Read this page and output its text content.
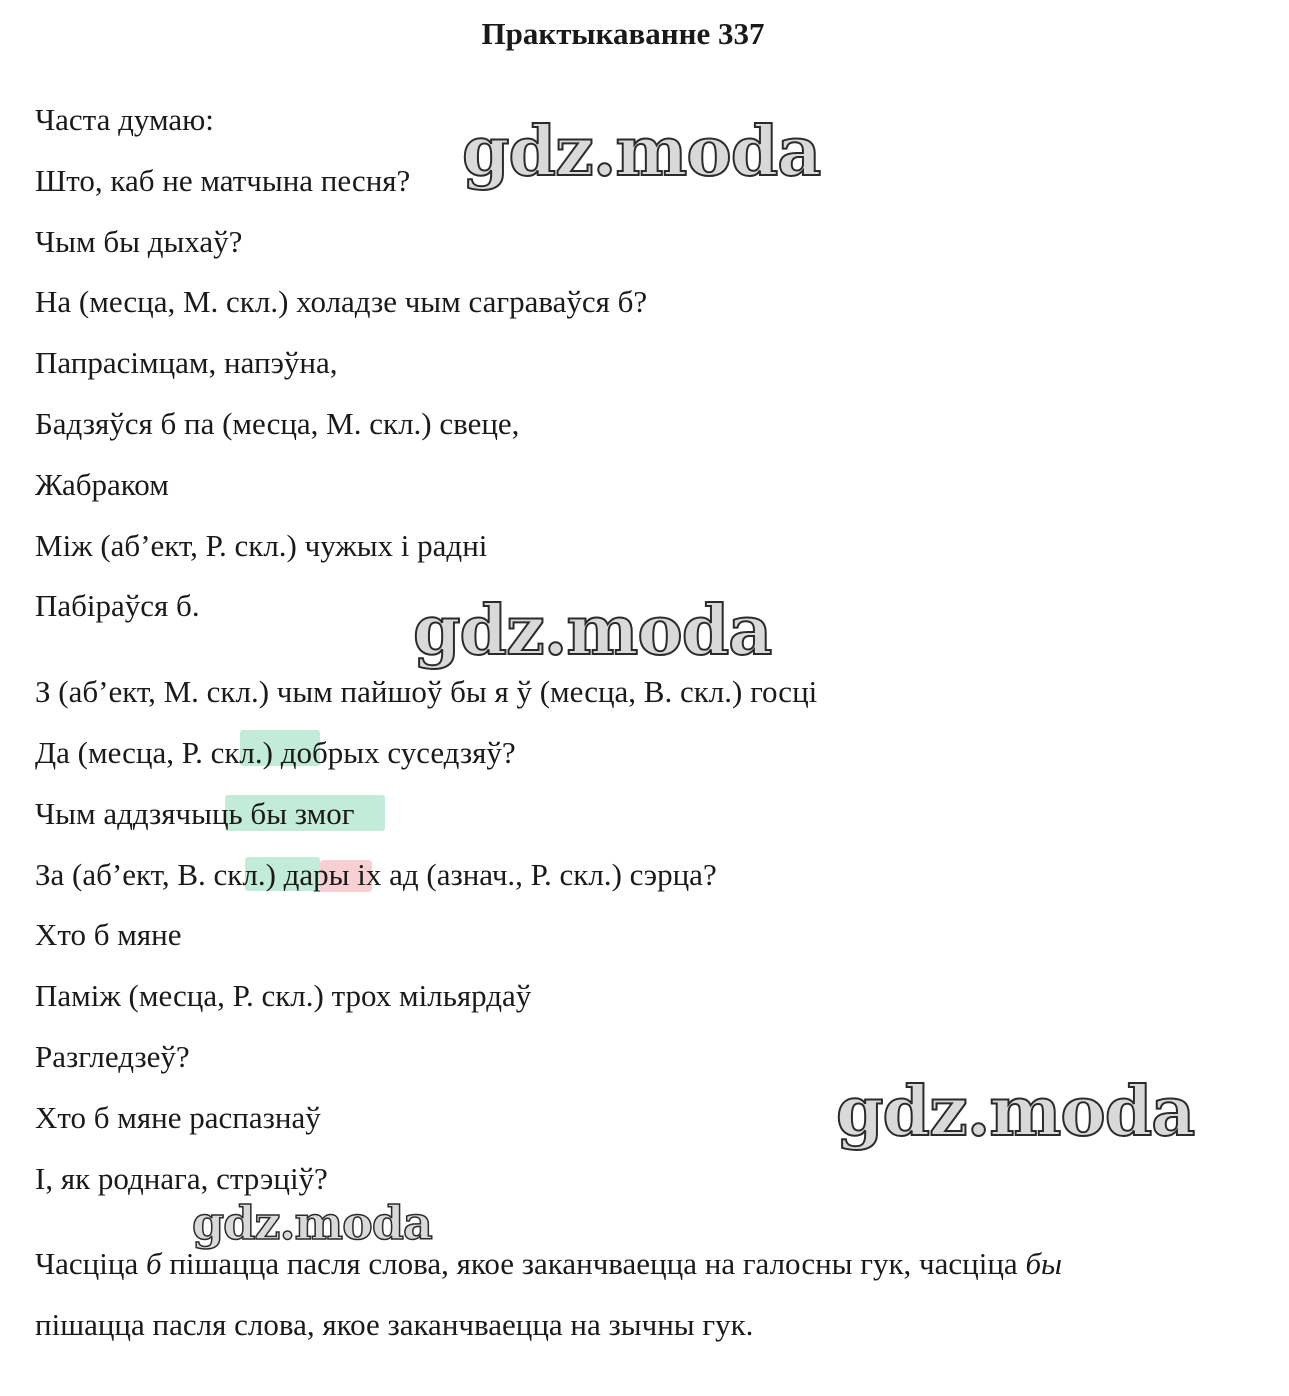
Практыкаванне 337
Часта думаю:
Што, каб не матчына песня?
Чым бы дыхаў?
На (месца, М. скл.) холадзе чым саграваўся б?
Папрасімцам, напэўна,
Бадзяўся б па (месца, М. скл.) свеце,
Жабраком
Між (аб’ект, Р. скл.) чужых і радні
Пабіраўся б.
З (аб’ект, М. скл.) чым пайшоў бы я ў (месца, В. скл.) госці
Да (месца, Р. скл.) добрых суседзяў?
Чым аддзячыць бы змог
За (аб’ект, В. скл.) дары іх ад (азнач., Р. скл.) сэрца?
Хто б мяне
Паміж (месца, Р. скл.) трох мільярдаў
Разгледзеў?
Хто б мяне распазнаў
І, як роднага, стрэціў?
Часціца б пішацца пасля слова, якое заканчваецца на галосны гук, часціца бы
пішацца пасля слова, якое заканчваецца на зычны гук.
gdz.moda
gdz.moda
gdz.moda
gdz.moda
